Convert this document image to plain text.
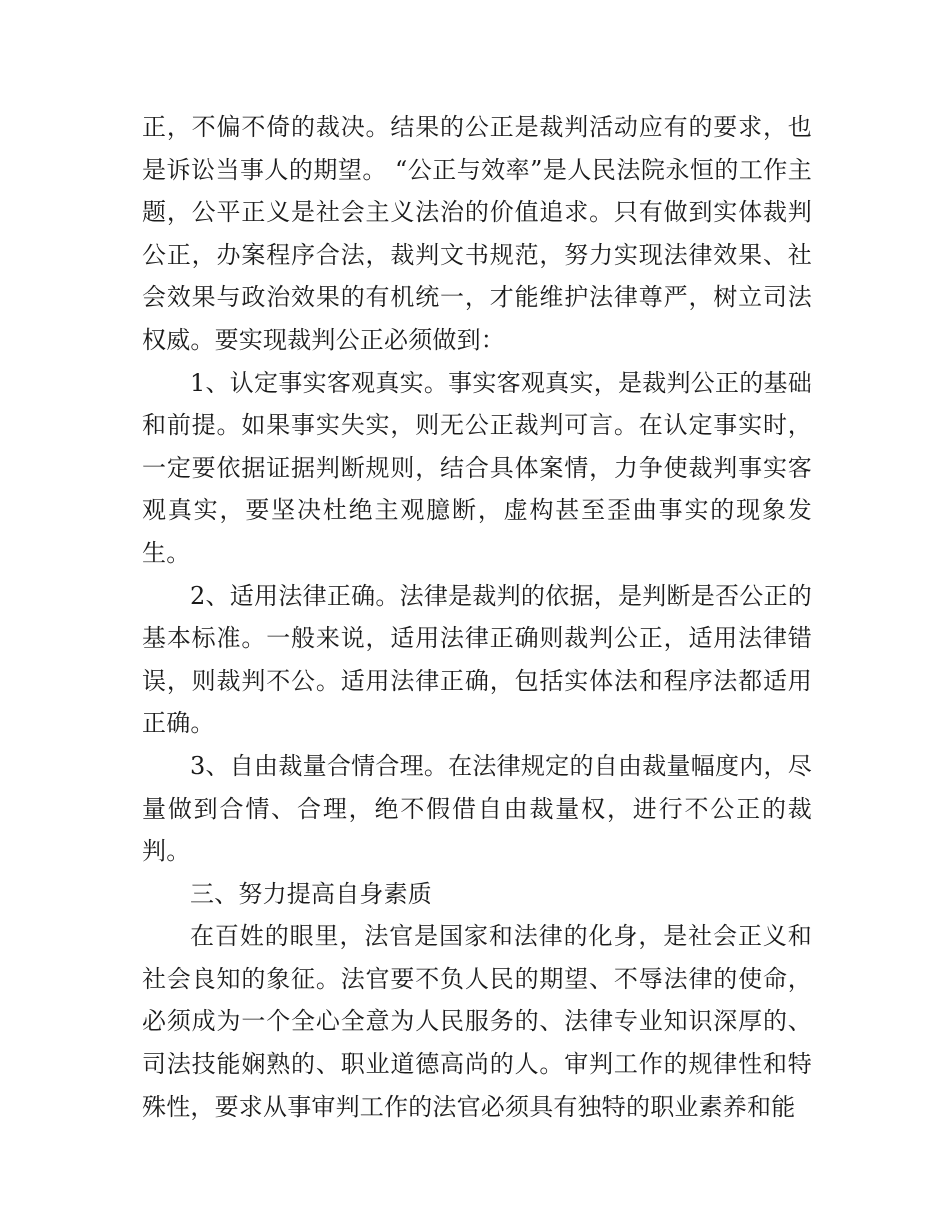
正，不偏不倚的裁决。结果的公正是裁判活动应有的要求，也是诉讼当事人的期望。 “公正与效率”是人民法院永恒的工作主题，公平正义是社会主义法治的价值追求。只有做到实体裁判公正，办案程序合法，裁判文书规范，努力实现法律效果、社会效果与政治效果的有机统一，才能维护法律尊严，树立司法权威。要实现裁判公正必须做到：

1、认定事实客观真实。事实客观真实，是裁判公正的基础和前提。如果事实失实，则无公正裁判可言。在认定事实时，一定要依据证据判断规则，结合具体案情，力争使裁判事实客观真实，要坚决杜绝主观臆断，虚构甚至歪曲事实的现象发生。

2、适用法律正确。法律是裁判的依据，是判断是否公正的基本标准。一般来说，适用法律正确则裁判公正，适用法律错误，则裁判不公。适用法律正确，包括实体法和程序法都适用正确。

3、自由裁量合情合理。在法律规定的自由裁量幅度内，尽量做到合情、合理，绝不假借自由裁量权，进行不公正的裁判。

三、努力提高自身素质

在百姓的眼里，法官是国家和法律的化身，是社会正义和社会良知的象征。法官要不负人民的期望、不辱法律的使命，必须成为一个全心全意为人民服务的、法律专业知识深厚的、司法技能娴熟的、职业道德高尚的人。审判工作的规律性和特殊性，要求从事审判工作的法官必须具有独特的职业素养和能
